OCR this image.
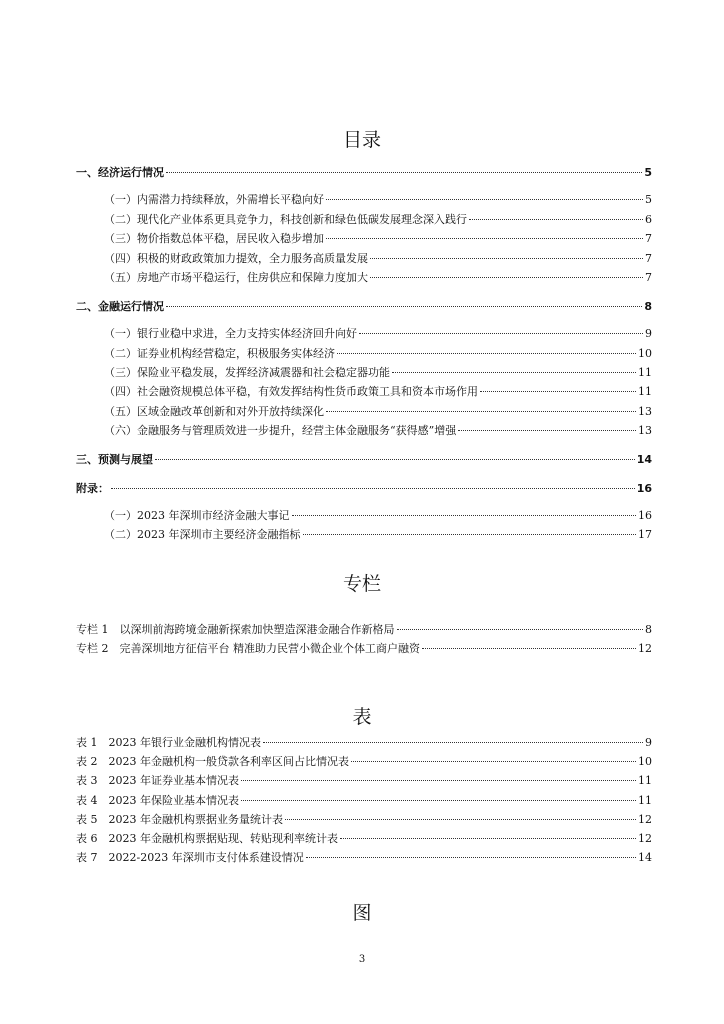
目录
专栏
表
图
一、经济运行情况	5
（一）内需潜力持续释放，外需增长平稳向好	5
（二）现代化产业体系更具竞争力，科技创新和绿色低碳发展理念深入践行	6
（三）物价指数总体平稳，居民收入稳步增加	7
（四）积极的财政政策加力提效，全力服务高质量发展	7
（五）房地产市场平稳运行，住房供应和保障力度加大	7
二、金融运行情况	8
（一）银行业稳中求进，全力支持实体经济回升向好	9
（二）证券业机构经营稳定，积极服务实体经济	10
（三）保险业平稳发展，发挥经济减震器和社会稳定器功能	11
（四）社会融资规模总体平稳，有效发挥结构性货币政策工具和资本市场作用	11
（五）区域金融改革创新和对外开放持续深化	13
（六）金融服务与管理质效进一步提升，经营主体金融服务“获得感”增强	13
三、预测与展望	14
附录：	16
（一）2023 年深圳市经济金融大事记	16
（二）2023 年深圳市主要经济金融指标	17
专栏 1　以深圳前海跨境金融新探索加快塑造深港金融合作新格局	8
专栏 2　完善深圳地方征信平台 精准助力民营小微企业个体工商户融资	12
表 1　2023 年银行业金融机构情况表	9
表 2　2023 年金融机构一般贷款各利率区间占比情况表	10
表 3　2023 年证券业基本情况表	11
表 4　2023 年保险业基本情况表	11
表 5　2023 年金融机构票据业务量统计表	12
表 6　2023 年金融机构票据贴现、转贴现利率统计表	12
表 7　2022-2023 年深圳市支付体系建设情况	14
3
